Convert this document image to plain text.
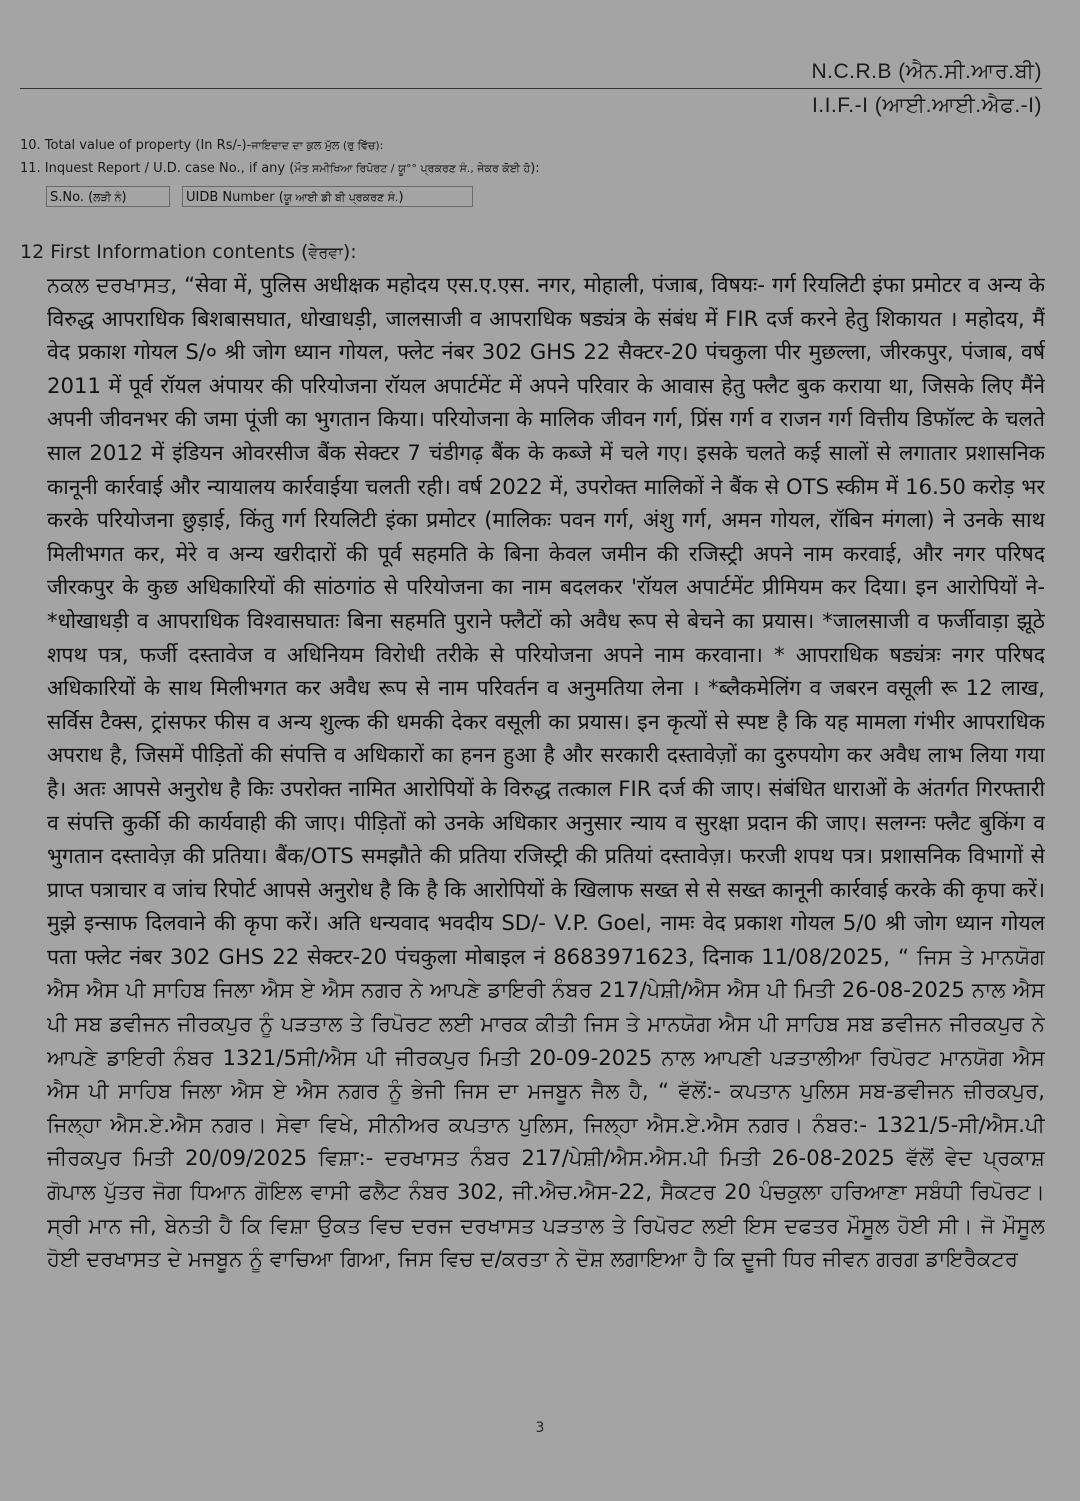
N.C.R.B (ਐਨ.ਸੀ.ਆਰ.ਬੀ)
I.I.F.-I (ਆਈ.ਆਈ.ਐਫ.-I)
10. Total value of property (In Rs/-)-ਜਾਇਦਾਦ ਦਾ ਕੁਲ ਮੁੱਲ (ਰੁ ਵਿੱਚ):
11. Inquest Report / U.D. case No., if any (ਮੌਤ ਸਮੀਖਿਆ ਰਿਪੋਰਟ / ਯੂ°° ਪ੍ਰਕਰਣ ਸੰ., ਜੇਕਰ ਕੋਈ ਹੋ):
S.No. (ਲੜੀ ਨੰ)	UIDB Number (ਯੂ ਆਈ ਡੀ ਬੀ ਪ੍ਰਕਰਣ ਸੰ.)
12 First Information contents (ਵੇਰਵਾ):
ਨਕਲ ਦਰਖਾਸਤ, “सेवा में, पुलिस अधीक्षक महोदय एस.ए.एस. नगर, मोहाली, पंजाब, विषयः- गर्ग रियलिटी इंफा प्रमोटर व अन्य के विरुद्ध आपराधिक बिशबासघात, धोखाधड़ी, जालसाजी व आपराधिक षड्यंत्र के संबंध में FIR दर्ज करने हेतु शिकायत । महोदय, मैं वेद प्रकाश गोयल S/० श्री जोग ध्यान गोयल, फ्लेट नंबर 302 GHS 22 सैक्टर-20 पंचकुला पीर मुछल्ला, जीरकपुर, पंजाब, वर्ष 2011 में पूर्व रॉयल अंपायर की परियोजना रॉयल अपार्टमेंट में अपने परिवार के आवास हेतु फ्लैट बुक कराया था, जिसके लिए मैंने अपनी जीवनभर की जमा पूंजी का भुगतान किया। परियोजना के मालिक जीवन गर्ग, प्रिंस गर्ग व राजन गर्ग वित्तीय डिफॉल्ट के चलते साल 2012 में इंडियन ओवरसीज बैंक सेक्टर 7 चंडीगढ़ बैंक के कब्जे में चले गए। इसके चलते कई सालों से लगातार प्रशासनिक कानूनी कार्रवाई और न्यायालय कार्रवाईया चलती रही। वर्ष 2022 में, उपरोक्त मालिकों ने बैंक से OTS स्कीम में 16.50 करोड़ भर करके परियोजना छुड़ाई, किंतु गर्ग रियलिटी इंका प्रमोटर (मालिकः पवन गर्ग, अंशु गर्ग, अमन गोयल, रॉबिन मंगला) ने उनके साथ मिलीभगत कर, मेरे व अन्य खरीदारों की पूर्व सहमति के बिना केवल जमीन की रजिस्ट्री अपने नाम करवाई, और नगर परिषद जीरकपुर के कुछ अधिकारियों की सांठगांठ से परियोजना का नाम बदलकर 'रॉयल अपार्टमेंट प्रीमियम कर दिया। इन आरोपियों ने- *धोखाधड़ी व आपराधिक विश्वासघातः बिना सहमति पुराने फ्लैटों को अवैध रूप से बेचने का प्रयास। *जालसाजी व फर्जीवाड़ा झूठे शपथ पत्र, फर्जी दस्तावेज व अधिनियम विरोधी तरीके से परियोजना अपने नाम करवाना। * आपराधिक षड्यंत्रः नगर परिषद अधिकारियों के साथ मिलीभगत कर अवैध रूप से नाम परिवर्तन व अनुमतिया लेना । *ब्लैकमेलिंग व जबरन वसूली रू 12 लाख, सर्विस टैक्स, ट्रांसफर फीस व अन्य शुल्क की धमकी देकर वसूली का प्रयास। इन कृत्यों से स्पष्ट है कि यह मामला गंभीर आपराधिक अपराध है, जिसमें पीड़ितों की संपत्ति व अधिकारों का हनन हुआ है और सरकारी दस्तावेज़ों का दुरुपयोग कर अवैध लाभ लिया गया है। अतः आपसे अनुरोध है किः उपरोक्त नामित आरोपियों के विरुद्ध तत्काल FIR दर्ज की जाए। संबंधित धाराओं के अंतर्गत गिरफ्तारी व संपत्ति कुर्की की कार्यवाही की जाए। पीड़ितों को उनके अधिकार अनुसार न्याय व सुरक्षा प्रदान की जाए। सलग्नः फ्लैट बुकिंग व भुगतान दस्तावेज़ की प्रतिया। बैंक/OTS समझौते की प्रतिया रजिस्ट्री की प्रतियां दस्तावेज़। फरजी शपथ पत्र। प्रशासनिक विभागों से प्राप्त पत्राचार व जांच रिपोर्ट आपसे अनुरोध है कि है कि आरोपियों के खिलाफ सख्त से से सख्त कानूनी कार्रवाई करके की कृपा करें। मुझे इन्साफ दिलवाने की कृपा करें। अति धन्यवाद भवदीय SD/- V.P. Goel, नामः वेद प्रकाश गोयल 5/0 श्री जोग ध्यान गोयल पता फ्लेट नंबर 302 GHS 22 सेक्टर-20 पंचकुला मोबाइल नं 8683971623, दिनाक 11/08/2025, “ ਜਿਸ ਤੇ ਮਾਨਯੋਗ ਐਸ ਐਸ ਪੀ ਸਾਹਿਬ ਜਿਲਾ ਐਸ ਏ ਐਸ ਨਗਰ ਨੇ ਆਪਣੇ ਡਾਇਰੀ ਨੰਬਰ 217/ਪੇਸ਼ੀ/ਐਸ ਐਸ ਪੀ ਮਿਤੀ 26-08-2025 ਨਾਲ ਐਸ ਪੀ ਸਬ ਡਵੀਜਨ ਜੀਰਕਪੁਰ ਨੂੰ ਪੜਤਾਲ ਤੇ ਰਿਪੋਰਟ ਲਈ ਮਾਰਕ ਕੀਤੀ ਜਿਸ ਤੇ ਮਾਨਯੋਗ ਐਸ ਪੀ ਸਾਹਿਬ ਸਬ ਡਵੀਜਨ ਜੀਰਕਪੁਰ ਨੇ ਆਪਣੇ ਡਾਇਰੀ ਨੰਬਰ 1321/5ਸੀ/ਐਸ ਪੀ ਜੀਰਕਪੁਰ ਮਿਤੀ 20-09-2025 ਨਾਲ ਆਪਣੀ ਪੜਤਾਲੀਆ ਰਿਪੋਰਟ ਮਾਨਯੋਗ ਐਸ ਐਸ ਪੀ ਸਾਹਿਬ ਜਿਲਾ ਐਸ ਏ ਐਸ ਨਗਰ ਨੂੰ ਭੇਜੀ ਜਿਸ ਦਾ ਮਜਬੂਨ ਜੈਲ ਹੈ, “ ਵੱਲੋਂ:- ਕਪਤਾਨ ਪੁਲਿਸ ਸਬ-ਡਵੀਜਨ ਜ਼ੀਰਕਪੁਰ, ਜਿਲ੍ਹਾ ਐਸ.ਏ.ਐਸ ਨਗਰ। ਸੇਵਾ ਵਿਖੇ, ਸੀਨੀਅਰ ਕਪਤਾਨ ਪੁਲਿਸ, ਜਿਲ੍ਹਾ ਐਸ.ਏ.ਐਸ ਨਗਰ। ਨੰਬਰ:- 1321/5-ਸੀ/ਐਸ.ਪੀ ਜੀਰਕਪੁਰ ਮਿਤੀ 20/09/2025 ਵਿਸ਼ਾ:- ਦਰਖਾਸਤ ਨੰਬਰ 217/ਪੇਸ਼ੀ/ਐਸ.ਐਸ.ਪੀ ਮਿਤੀ 26-08-2025 ਵੱਲੋਂ ਵੇਦ ਪ੍ਰਕਾਸ਼ ਗੋਪਾਲ ਪੁੱਤਰ ਜੋਗ ਧਿਆਨ ਗੋਇਲ ਵਾਸੀ ਫਲੈਟ ਨੰਬਰ 302, ਜੀ.ਐਚ.ਐਸ-22, ਸੈਕਟਰ 20 ਪੰਚਕੁਲਾ ਹਰਿਆਣਾ ਸਬੰਧੀ ਰਿਪੋਰਟ। ਸ੍ਰੀ ਮਾਨ ਜੀ, ਬੇਨਤੀ ਹੈ ਕਿ ਵਿਸ਼ਾ ਉਕਤ ਵਿਚ ਦਰਜ ਦਰਖਾਸਤ ਪੜਤਾਲ ਤੇ ਰਿਪੋਰਟ ਲਈ ਇਸ ਦਫਤਰ ਮੌਸੂਲ ਹੋਈ ਸੀ। ਜੋ ਮੌਸੂਲ ਹੋਈ ਦਰਖਾਸਤ ਦੇ ਮਜਬੂਨ ਨੂੰ ਵਾਚਿਆ ਗਿਆ, ਜਿਸ ਵਿਚ ਦ/ਕਰਤਾ ਨੇ ਦੋਸ਼ ਲਗਾਇਆ ਹੈ ਕਿ ਦੂਜੀ ਧਿਰ ਜੀਵਨ ਗਰਗ ਡਾਇਰੈਕਟਰ
3
